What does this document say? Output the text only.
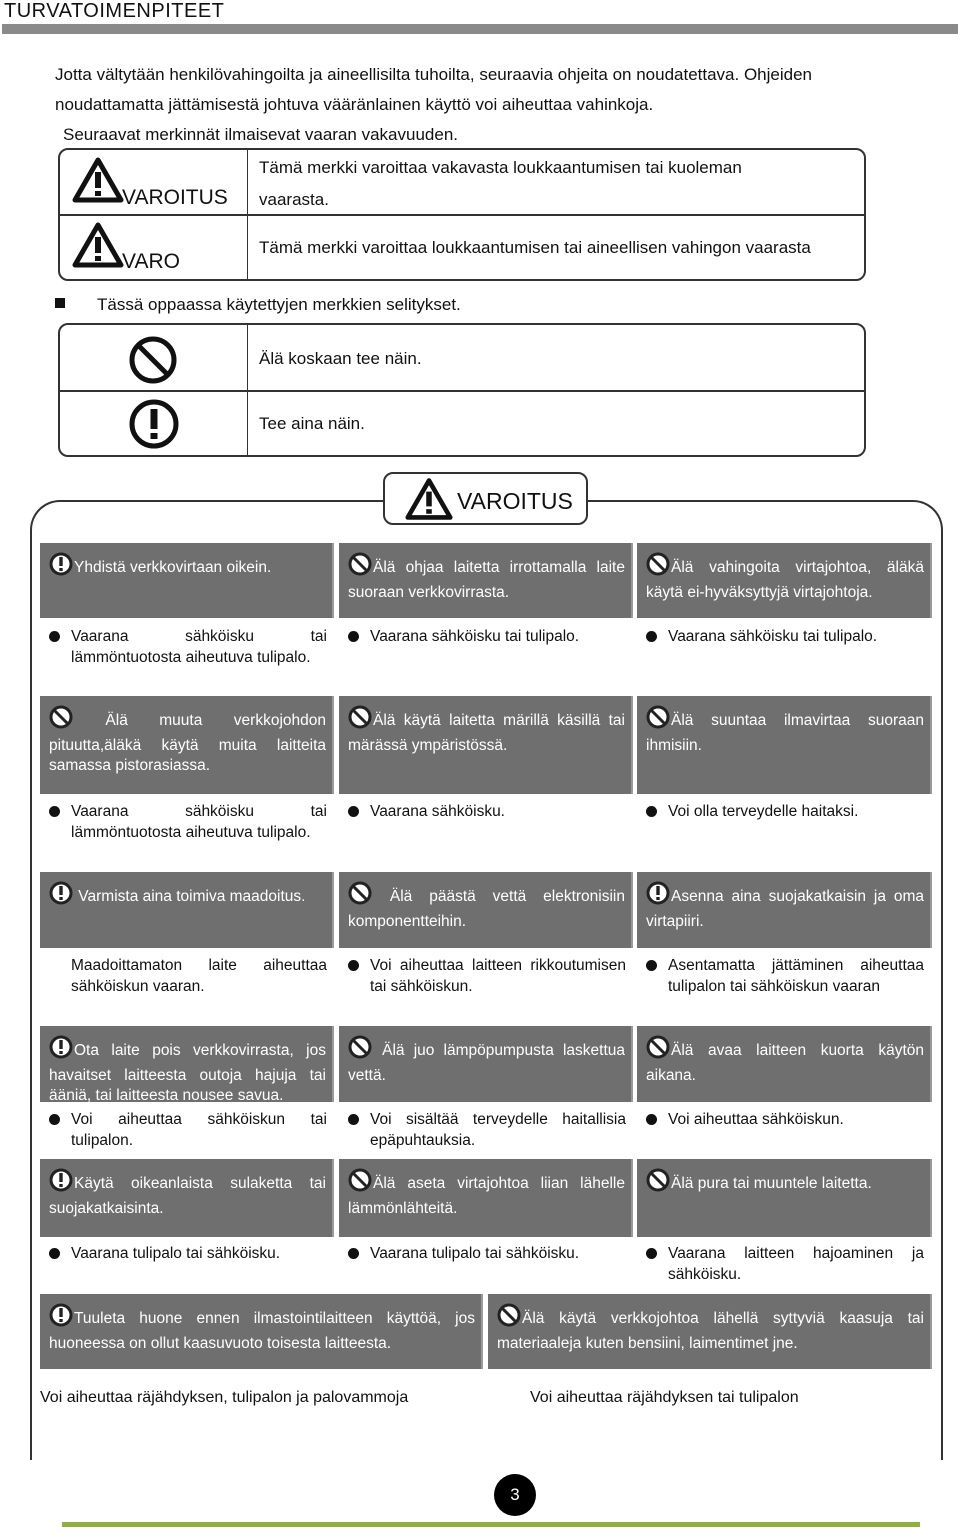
TURVATOIMENPITEET
Jotta vältytään henkilövahingoilta ja aineellisilta tuhoilta, seuraavia ohjeita on noudatettava. Ohjeiden
noudattamatta jättämisestä johtuva vääränlainen käyttö voi aiheuttaa vahinkoja.
Seuraavat merkinnät ilmaisevat vaaran vakavuuden.
VAROITUS
Tämä merkki varoittaa vakavasta loukkaantumisen tai kuoleman
vaarasta.
VARO
Tämä merkki varoittaa loukkaantumisen tai aineellisen vahingon vaarasta
Tässä oppaassa käytettyjen merkkien selitykset.
Älä koskaan tee näin.
Tee aina näin.
VAROITUS
Yhdistä verkkovirtaan oikein.
Vaarana sähköisku tai lämmöntuotosta aiheutuva tulipalo.
Älä ohjaa laitetta irrottamalla laite suoraan verkkovirrasta.
Vaarana sähköisku tai tulipalo.
Älä vahingoita virtajohtoa, äläkä käytä ei-hyväksyttyjä virtajohtoja.
Vaarana sähköisku tai tulipalo.
Älä muuta verkkojohdon pituutta,äläkä käytä muita laitteita samassa pistorasiassa.
Vaarana sähköisku tai lämmöntuotosta aiheutuva tulipalo.
Älä käytä laitetta märillä käsillä tai märässä ympäristössä.
Vaarana sähköisku.
Älä suuntaa ilmavirtaa suoraan ihmisiin.
Voi olla terveydelle haitaksi.
Varmista aina toimiva maadoitus.
Maadoittamaton laite aiheuttaa sähköiskun vaaran.
Älä päästä vettä elektronisiin komponentteihin.
Voi aiheuttaa laitteen rikkoutumisen tai sähköiskun.
Asenna aina suojakatkaisin ja oma virtapiiri.
Asentamatta jättäminen aiheuttaa tulipalon tai sähköiskun vaaran
Ota laite pois verkkovirrasta, jos havaitset laitteesta outoja hajuja tai ääniä, tai laitteesta nousee savua.
Voi aiheuttaa sähköiskun tai tulipalon.
Älä juo lämpöpumpusta laskettua vettä.
Voi sisältää terveydelle haitallisia epäpuhtauksia.
Älä avaa laitteen kuorta käytön aikana.
Voi aiheuttaa sähköiskun.
Käytä oikeanlaista sulaketta tai suojakatkaisinta.
Vaarana tulipalo tai sähköisku.
Älä aseta virtajohtoa liian lähelle lämmönlähteitä.
Vaarana tulipalo tai sähköisku.
Älä pura tai muuntele laitetta.
Vaarana laitteen hajoaminen ja sähköisku.
Tuuleta huone ennen ilmastointilaitteen käyttöä, jos huoneessa on ollut kaasuvuoto toisesta laitteesta.
Voi aiheuttaa räjähdyksen, tulipalon ja palovammoja
Älä käytä verkkojohtoa lähellä syttyviä kaasuja tai materiaaleja kuten bensiini, laimentimet jne.
Voi aiheuttaa räjähdyksen tai tulipalon
3
